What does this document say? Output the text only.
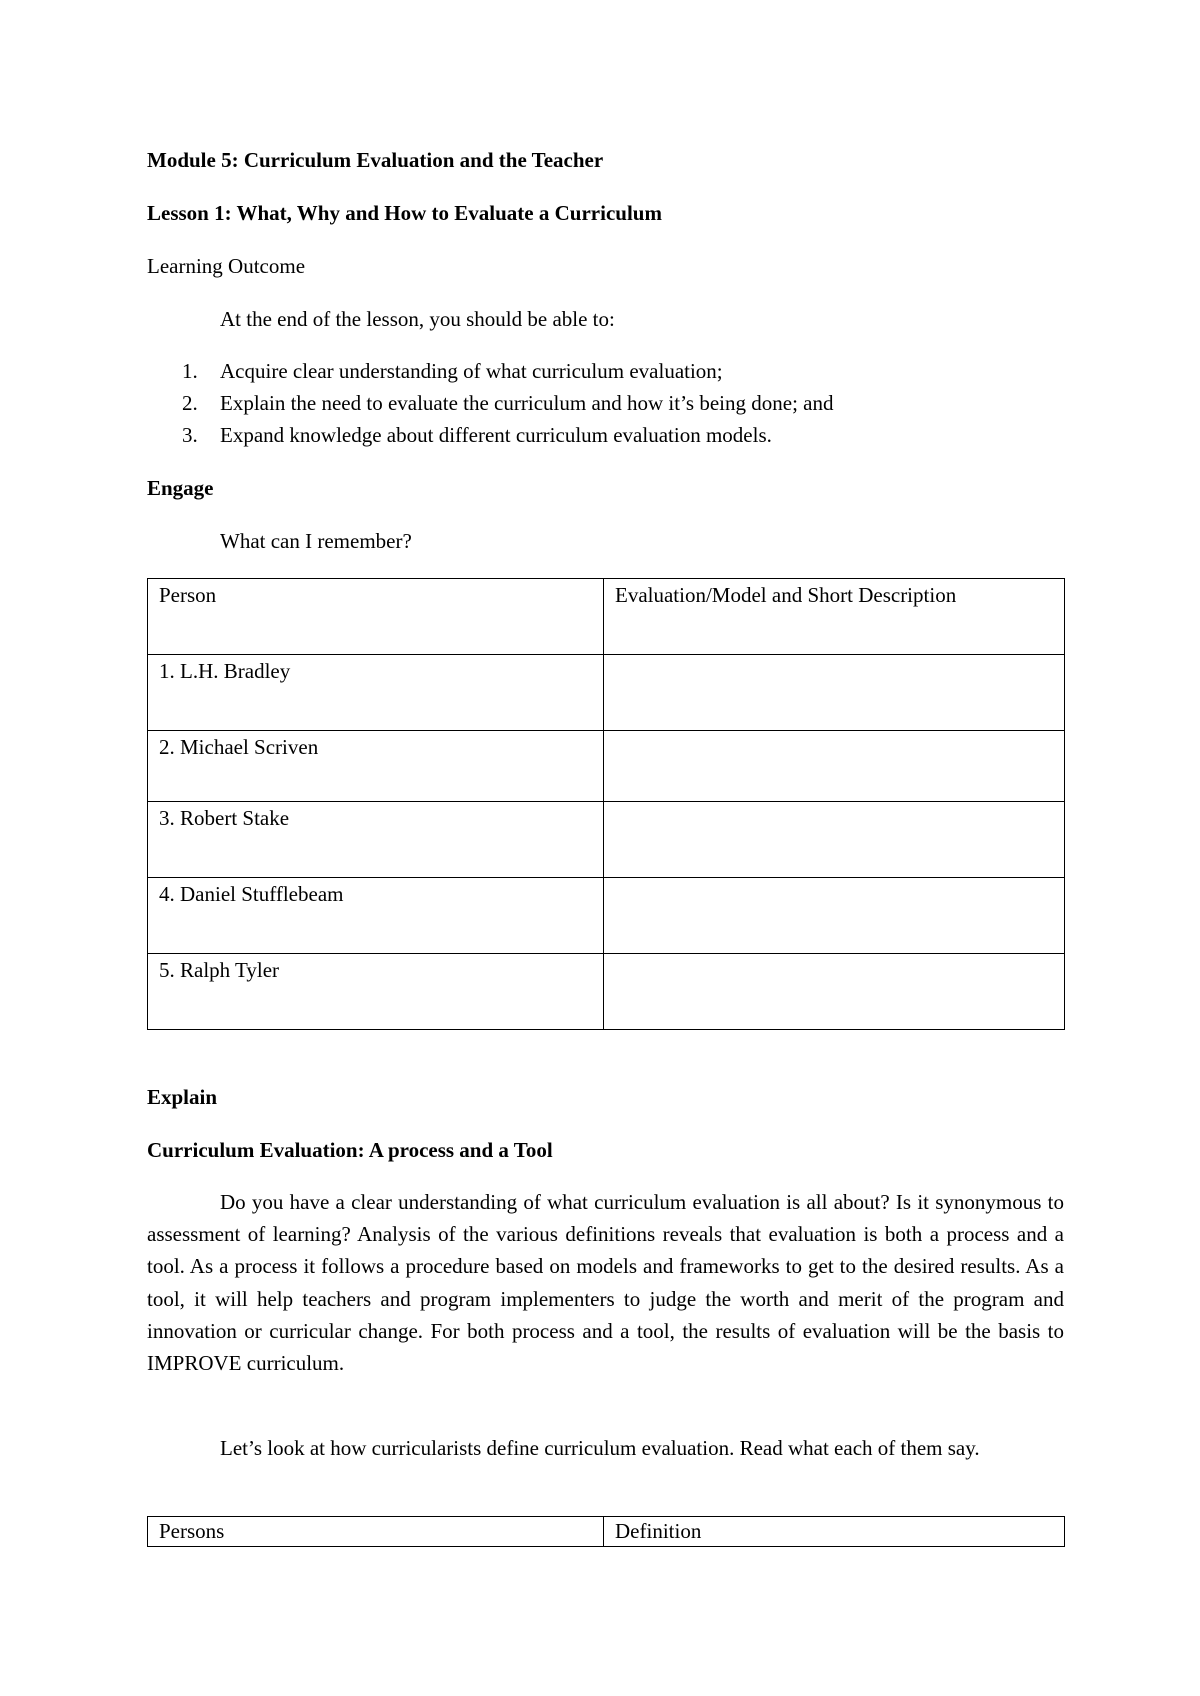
Module 5: Curriculum Evaluation and the Teacher
Lesson 1: What, Why and How to Evaluate a Curriculum
Learning Outcome
At the end of the lesson, you should be able to:
1. Acquire clear understanding of what curriculum evaluation;
2. Explain the need to evaluate the curriculum and how it’s being done; and
3. Expand knowledge about different curriculum evaluation models.
Engage
What can I remember?
Person	Evaluation/Model and Short Description
1. L.H. Bradley	
2. Michael Scriven	
3. Robert Stake	
4. Daniel Stufflebeam	
5. Ralph Tyler	
Explain
Curriculum Evaluation: A process and a Tool
Do you have a clear understanding of what curriculum evaluation is all about? Is it synonymous to assessment of learning? Analysis of the various definitions reveals that evaluation is both a process and a tool. As a process it follows a procedure based on models and frameworks to get to the desired results. As a tool, it will help teachers and program implementers to judge the worth and merit of the program and innovation or curricular change. For both process and a tool, the results of evaluation will be the basis to IMPROVE curriculum.
Let’s look at how curricularists define curriculum evaluation. Read what each of them say.
Persons	Definition
